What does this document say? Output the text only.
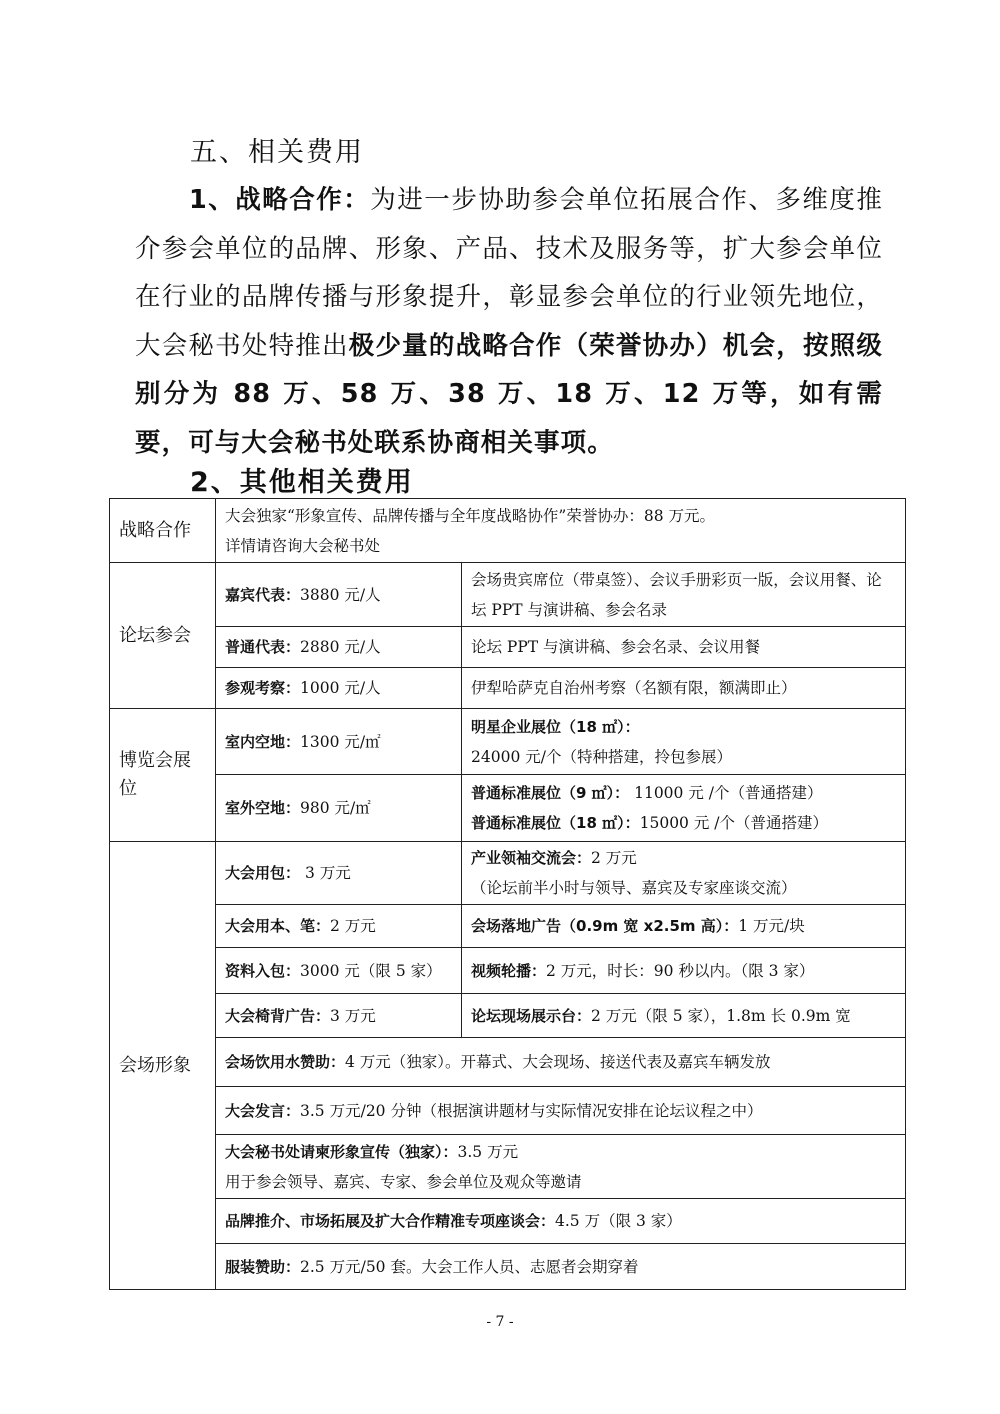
五、相关费用
1、战略合作：为进一步协助参会单位拓展合作、多维度推介参会单位的品牌、形象、产品、技术及服务等，扩大参会单位在行业的品牌传播与形象提升，彰显参会单位的行业领先地位，大会秘书处特推出极少量的战略合作（荣誉协办）机会，按照级别分为 88 万、58 万、38 万、18 万、12 万等，如有需要，可与大会秘书处联系协商相关事项。
2、其他相关费用
战略合作	大会独家“形象宣传、品牌传播与全年度战略协作”荣誉协办：88 万元。
详情请咨询大会秘书处	

论坛参会	嘉宾代表：3880 元/人	会场贵宾席位（带桌签）、会议手册彩页一版，会议用餐、论坛 PPT 与演讲稿、参会名录
	普通代表：2880 元/人	论坛 PPT 与演讲稿、参会名录、会议用餐
	参观考察：1000 元/人	伊犁哈萨克自治州考察（名额有限，额满即止）
博览会展位	室内空地：1300 元/㎡	明星企业展位（18 ㎡）：
24000 元/个（特种搭建，拎包参展）

	室外空地：980 元/㎡	普通标准展位（9 ㎡）： 11000 元 /个（普通搭建）
普通标准展位（18 ㎡）：15000 元 /个（普通搭建）

会场形象	大会用包： 3 万元	产业领袖交流会：2 万元
（论坛前半小时与领导、嘉宾及专家座谈交流）

	大会用本、笔：2 万元	会场落地广告（0.9m 宽 x2.5m 高）：1 万元/块
	资料入包：3000 元（限 5 家）	视频轮播：2 万元，时长：90 秒以内。（限 3 家）
	大会椅背广告：3 万元	论坛现场展示台：2 万元（限 5 家），1.8m 长 0.9m 宽
	会场饮用水赞助：4 万元（独家）。开幕式、大会现场、接送代表及嘉宾车辆发放	
	大会发言：3.5 万元/20 分钟（根据演讲题材与实际情况安排在论坛议程之中）	

	大会秘书处请柬形象宣传（独家）：3.5 万元
用于参会领导、嘉宾、专家、参会单位及观众等邀请	

	品牌推介、市场拓展及扩大合作精准专项座谈会：4.5 万（限 3 家）	
	服装赞助：2.5 万元/50 套。大会工作人员、志愿者会期穿着	
- 7 -
